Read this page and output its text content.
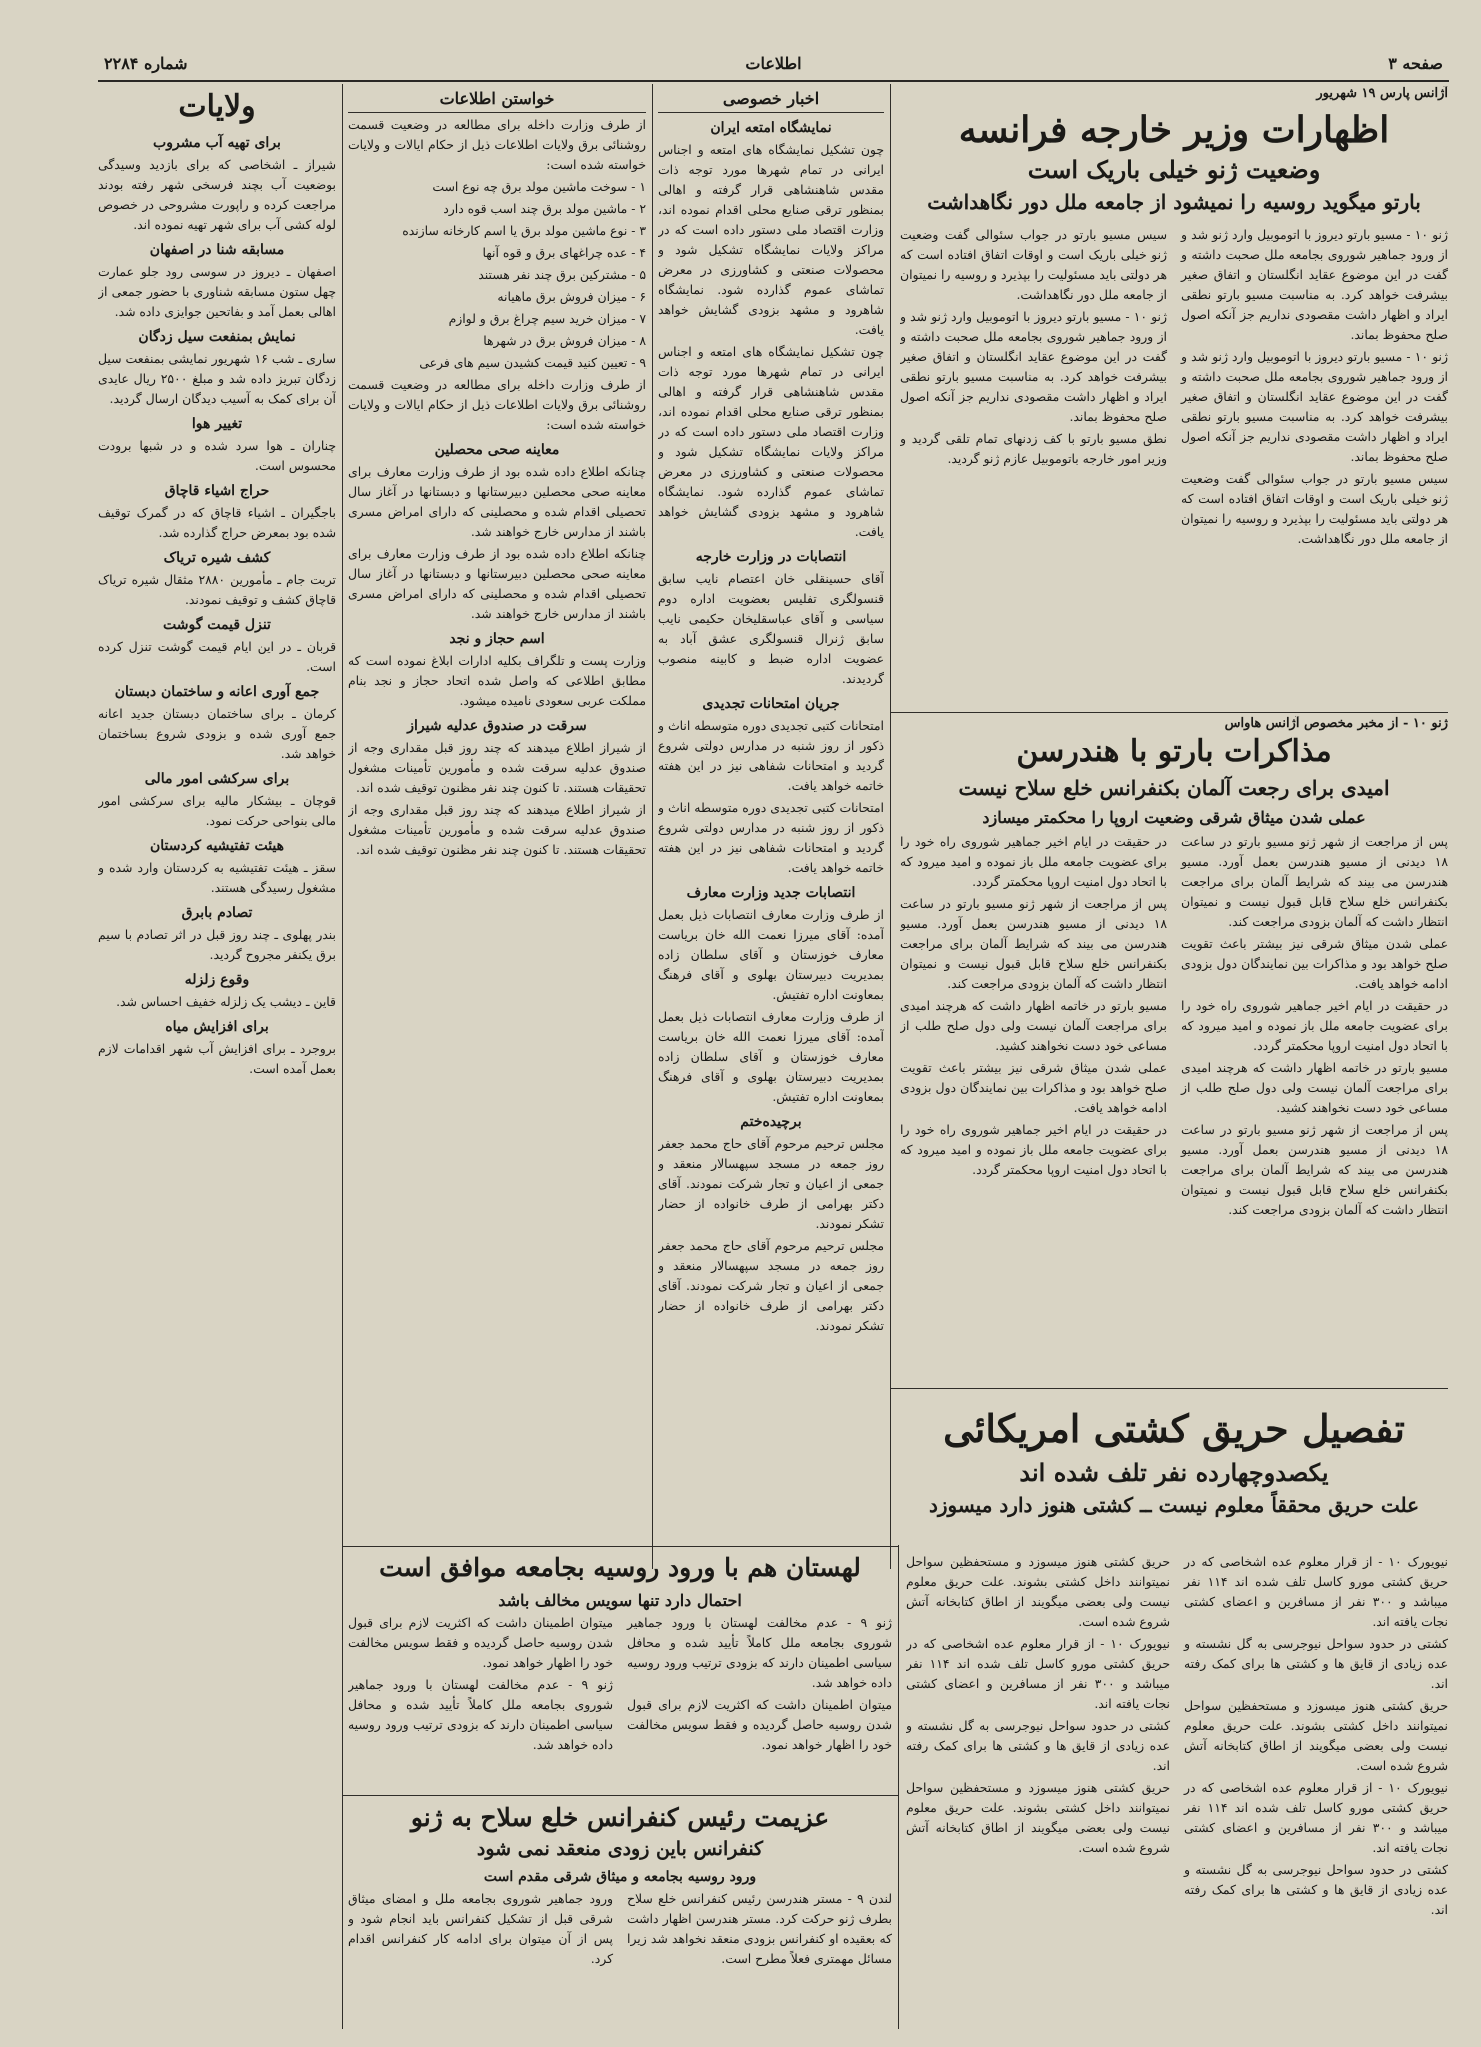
صفحه ۳
اطلاعات
شماره ۲۲۸۴
آژانس پارس ۱۹ شهریور
اظهارات وزیر خارجه فرانسه
وضعیت ژنو خیلی باریک است
بارتو میگوید روسیه را نمیشود از جامعه ملل دور نگاهداشت

ژنو ۱۰ - مسیو بارتو دیروز با اتوموبیل وارد ژنو شد و از ورود جماهیر شوروی بجامعه ملل صحبت داشته و گفت در این موضوع عقاید انگلستان و اتفاق صغیر بیشرفت خواهد کرد. به مناسبت مسیو بارتو نطقی ایراد و اظهار داشت مقصودی نداریم جز آنکه اصول صلح محفوظ بماند.

ژنو ۱۰ - مسیو بارتو دیروز با اتوموبیل وارد ژنو شد و از ورود جماهیر شوروی بجامعه ملل صحبت داشته و گفت در این موضوع عقاید انگلستان و اتفاق صغیر بیشرفت خواهد کرد. به مناسبت مسیو بارتو نطقی ایراد و اظهار داشت مقصودی نداریم جز آنکه اصول صلح محفوظ بماند.

سیس مسیو بارتو در جواب سئوالی گفت وضعیت ژنو خیلی باریک است و اوقات اتفاق افتاده است که هر دولتی باید مسئولیت را بپذیرد و روسیه را نمیتوان از جامعه ملل دور نگاهداشت.

سیس مسیو بارتو در جواب سئوالی گفت وضعیت ژنو خیلی باریک است و اوقات اتفاق افتاده است که هر دولتی باید مسئولیت را بپذیرد و روسیه را نمیتوان از جامعه ملل دور نگاهداشت.

ژنو ۱۰ - مسیو بارتو دیروز با اتوموبیل وارد ژنو شد و از ورود جماهیر شوروی بجامعه ملل صحبت داشته و گفت در این موضوع عقاید انگلستان و اتفاق صغیر بیشرفت خواهد کرد. به مناسبت مسیو بارتو نطقی ایراد و اظهار داشت مقصودی نداریم جز آنکه اصول صلح محفوظ بماند.

نطق مسیو بارتو با کف زدنهای تمام تلقی گردید و وزیر امور خارجه باتوموبیل عازم ژنو گردید.

ژنو ۱۰ - از مخبر مخصوص آژانس هاواس
مذاکرات بارتو با هندرسن
امیدی برای رجعت آلمان بکنفرانس خلع سلاح نیست
عملی شدن میثاق شرقی وضعیت اروپا را محکمتر میسازد

پس از مراجعت از شهر ژنو مسیو بارتو در ساعت ۱۸ دیدنی از مسیو هندرسن بعمل آورد. مسیو هندرسن می بیند که شرایط آلمان برای مراجعت بکنفرانس خلع سلاح قابل قبول نیست و نمیتوان انتظار داشت که آلمان بزودی مراجعت کند.

عملی شدن میثاق شرقی نیز بیشتر باعث تقویت صلح خواهد بود و مذاکرات بین نمایندگان دول بزودی ادامه خواهد یافت.

در حقیقت در ایام اخیر جماهیر شوروی راه خود را برای عضویت جامعه ملل باز نموده و امید میرود که با اتحاد دول امنیت اروپا محکمتر گردد.

مسیو بارتو در خاتمه اظهار داشت که هرچند امیدی برای مراجعت آلمان نیست ولی دول صلح طلب از مساعی خود دست نخواهند کشید.

پس از مراجعت از شهر ژنو مسیو بارتو در ساعت ۱۸ دیدنی از مسیو هندرسن بعمل آورد. مسیو هندرسن می بیند که شرایط آلمان برای مراجعت بکنفرانس خلع سلاح قابل قبول نیست و نمیتوان انتظار داشت که آلمان بزودی مراجعت کند.

در حقیقت در ایام اخیر جماهیر شوروی راه خود را برای عضویت جامعه ملل باز نموده و امید میرود که با اتحاد دول امنیت اروپا محکمتر گردد.

پس از مراجعت از شهر ژنو مسیو بارتو در ساعت ۱۸ دیدنی از مسیو هندرسن بعمل آورد. مسیو هندرسن می بیند که شرایط آلمان برای مراجعت بکنفرانس خلع سلاح قابل قبول نیست و نمیتوان انتظار داشت که آلمان بزودی مراجعت کند.

مسیو بارتو در خاتمه اظهار داشت که هرچند امیدی برای مراجعت آلمان نیست ولی دول صلح طلب از مساعی خود دست نخواهند کشید.

عملی شدن میثاق شرقی نیز بیشتر باعث تقویت صلح خواهد بود و مذاکرات بین نمایندگان دول بزودی ادامه خواهد یافت.

در حقیقت در ایام اخیر جماهیر شوروی راه خود را برای عضویت جامعه ملل باز نموده و امید میرود که با اتحاد دول امنیت اروپا محکمتر گردد.

تفصیل حریق کشتی امریکائی
یکصدوچهارده نفر تلف شده اند
علت حریق محققاً معلوم نیست ــ کشتی هنوز دارد میسوزد

نیویورک ۱۰ - از قرار معلوم عده اشخاصی که در حریق کشتی مورو کاسل تلف شده اند ۱۱۴ نفر میباشد و ۳۰۰ نفر از مسافرین و اعضای کشتی نجات یافته اند.

کشتی در حدود سواحل نیوجرسی به گل نشسته و عده زیادی از قایق ها و کشتی ها برای کمک رفته اند.

حریق کشتی هنوز میسوزد و مستحفظین سواحل نمیتوانند داخل کشتی بشوند. علت حریق معلوم نیست ولی بعضی میگویند از اطاق کتابخانه آتش شروع شده است.

نیویورک ۱۰ - از قرار معلوم عده اشخاصی که در حریق کشتی مورو کاسل تلف شده اند ۱۱۴ نفر میباشد و ۳۰۰ نفر از مسافرین و اعضای کشتی نجات یافته اند.

کشتی در حدود سواحل نیوجرسی به گل نشسته و عده زیادی از قایق ها و کشتی ها برای کمک رفته اند.

حریق کشتی هنوز میسوزد و مستحفظین سواحل نمیتوانند داخل کشتی بشوند. علت حریق معلوم نیست ولی بعضی میگویند از اطاق کتابخانه آتش شروع شده است.

نیویورک ۱۰ - از قرار معلوم عده اشخاصی که در حریق کشتی مورو کاسل تلف شده اند ۱۱۴ نفر میباشد و ۳۰۰ نفر از مسافرین و اعضای کشتی نجات یافته اند.

کشتی در حدود سواحل نیوجرسی به گل نشسته و عده زیادی از قایق ها و کشتی ها برای کمک رفته اند.

حریق کشتی هنوز میسوزد و مستحفظین سواحل نمیتوانند داخل کشتی بشوند. علت حریق معلوم نیست ولی بعضی میگویند از اطاق کتابخانه آتش شروع شده است.

اخبار خصوصی
نمایشگاه امتعه ایران

چون تشکیل نمایشگاه های امتعه و اجناس ایرانی در تمام شهرها مورد توجه ذات مقدس شاهنشاهی قرار گرفته و اهالی بمنظور ترقی صنایع محلی اقدام نموده اند، وزارت اقتصاد ملی دستور داده است که در مراکز ولایات نمایشگاه تشکیل شود و محصولات صنعتی و کشاورزی در معرض تماشای عموم گذارده شود. نمایشگاه شاهرود و مشهد بزودی گشایش خواهد یافت.

چون تشکیل نمایشگاه های امتعه و اجناس ایرانی در تمام شهرها مورد توجه ذات مقدس شاهنشاهی قرار گرفته و اهالی بمنظور ترقی صنایع محلی اقدام نموده اند، وزارت اقتصاد ملی دستور داده است که در مراکز ولایات نمایشگاه تشکیل شود و محصولات صنعتی و کشاورزی در معرض تماشای عموم گذارده شود. نمایشگاه شاهرود و مشهد بزودی گشایش خواهد یافت.

انتصابات در وزارت خارجه

آقای حسینقلی خان اعتصام نایب سابق قنسولگری تفلیس بعضویت اداره دوم سیاسی و آقای عباسقلیخان حکیمی نایب سابق ژنرال قنسولگری عشق آباد به عضویت اداره ضبط و کابینه منصوب گردیدند.

جریان امتحانات تجدیدی

امتحانات کتبی تجدیدی دوره متوسطه اناث و ذکور از روز شنبه در مدارس دولتی شروع گردید و امتحانات شفاهی نیز در این هفته خاتمه خواهد یافت.

امتحانات کتبی تجدیدی دوره متوسطه اناث و ذکور از روز شنبه در مدارس دولتی شروع گردید و امتحانات شفاهی نیز در این هفته خاتمه خواهد یافت.

انتصابات جدید وزارت معارف

از طرف وزارت معارف انتصابات ذیل بعمل آمده: آقای میرزا نعمت الله خان بریاست معارف خوزستان و آقای سلطان زاده بمدیریت دبیرستان بهلوی و آقای فرهنگ بمعاونت اداره تفتیش.

از طرف وزارت معارف انتصابات ذیل بعمل آمده: آقای میرزا نعمت الله خان بریاست معارف خوزستان و آقای سلطان زاده بمدیریت دبیرستان بهلوی و آقای فرهنگ بمعاونت اداره تفتیش.

برچیده‌ختم

مجلس ترحیم مرحوم آقای حاج محمد جعفر روز جمعه در مسجد سپهسالار منعقد و جمعی از اعیان و تجار شرکت نمودند. آقای دکتر بهرامی از طرف خانواده از حضار تشکر نمودند.

مجلس ترحیم مرحوم آقای حاج محمد جعفر روز جمعه در مسجد سپهسالار منعقد و جمعی از اعیان و تجار شرکت نمودند. آقای دکتر بهرامی از طرف خانواده از حضار تشکر نمودند.

خواستن اطلاعات

از طرف وزارت داخله برای مطالعه در وضعیت قسمت روشنائی برق ولایات اطلاعات ذیل از حکام ایالات و ولایات خواسته شده است:

۱ - سوخت ماشین مولد برق چه نوع است

۲ - ماشین مولد برق چند اسب قوه دارد

۳ - نوع ماشین مولد برق یا اسم کارخانه سازنده

۴ - عده چراغهای برق و قوه آنها

۵ - مشترکین برق چند نفر هستند

۶ - میزان فروش برق ماهیانه

۷ - میزان خرید سیم چراغ برق و لوازم

۸ - میزان فروش برق در شهرها

۹ - تعیین کنید قیمت کشیدن سیم های فرعی

از طرف وزارت داخله برای مطالعه در وضعیت قسمت روشنائی برق ولایات اطلاعات ذیل از حکام ایالات و ولایات خواسته شده است:

معاینه صحی محصلین

چنانکه اطلاع داده شده بود از طرف وزارت معارف برای معاینه صحی محصلین دبیرستانها و دبستانها در آغاز سال تحصیلی اقدام شده و محصلینی که دارای امراض مسری باشند از مدارس خارج خواهند شد.

چنانکه اطلاع داده شده بود از طرف وزارت معارف برای معاینه صحی محصلین دبیرستانها و دبستانها در آغاز سال تحصیلی اقدام شده و محصلینی که دارای امراض مسری باشند از مدارس خارج خواهند شد.

اسم حجاز و نجد

وزارت پست و تلگراف بکلیه ادارات ابلاغ نموده است که مطابق اطلاعی که واصل شده اتحاد حجاز و نجد بنام مملکت عربی سعودی نامیده میشود.

سرقت در صندوق عدلیه شیراز

از شیراز اطلاع میدهند که چند روز قبل مقداری وجه از صندوق عدلیه سرقت شده و مأمورین تأمینات مشغول تحقیقات هستند. تا کنون چند نفر مظنون توقیف شده اند.

از شیراز اطلاع میدهند که چند روز قبل مقداری وجه از صندوق عدلیه سرقت شده و مأمورین تأمینات مشغول تحقیقات هستند. تا کنون چند نفر مظنون توقیف شده اند.

ولایات
برای تهیه آب مشروب

شیراز ـ اشخاصی که برای بازدید وسیدگی بوضعیت آب بچند فرسخی شهر رفته بودند مراجعت کرده و راپورت مشروحی در خصوص لوله کشی آب برای شهر تهیه نموده اند.

مسابقه شنا در اصفهان

اصفهان ـ دیروز در سوسی رود جلو عمارت چهل ستون مسابقه شناوری با حضور جمعی از اهالی بعمل آمد و بفاتحین جوایزی داده شد.

نمایش بمنفعت سیل زدگان

ساری ـ شب ۱۶ شهریور نمایشی بمنفعت سیل زدگان تبریز داده شد و مبلغ ۲۵۰۰ ریال عایدی آن برای کمک به آسیب دیدگان ارسال گردید.

تغییر هوا

چناران ـ هوا سرد شده و در شبها برودت محسوس است.

حراج اشیاء قاچاق

باجگیران ـ اشیاء قاچاق که در گمرک توقیف شده بود بمعرض حراج گذارده شد.

کشف شیره تریاک

تربت جام ـ مأمورین ۲۸۸۰ مثقال شیره تریاک قاچاق کشف و توقیف نمودند.

تنزل قیمت گوشت

قربان ـ در این ایام قیمت گوشت تنزل کرده است.

جمع آوری اعانه و ساختمان دبستان

کرمان ـ برای ساختمان دبستان جدید اعانه جمع آوری شده و بزودی شروع بساختمان خواهد شد.

برای سرکشی امور مالی

قوچان ـ بیشکار مالیه برای سرکشی امور مالی بنواحی حرکت نمود.

هیئت تفتیشیه کردستان

سقز ـ هیئت تفتیشیه به کردستان وارد شده و مشغول رسیدگی هستند.

تصادم بابرق

بندر پهلوی ـ چند روز قبل در اثر تصادم با سیم برق یکنفر مجروح گردید.

وقوع زلزله

قاین ـ دیشب یک زلزله خفیف احساس شد.

برای افزایش میاه

بروجرد ـ برای افزایش آب شهر اقدامات لازم بعمل آمده است.

لهستان هم با ورود روسیه بجامعه موافق است
احتمال دارد تنها سویس مخالف باشد

ژنو ۹ - عدم مخالفت لهستان با ورود جماهیر شوروی بجامعه ملل کاملاً تأیید شده و محافل سیاسی اطمینان دارند که بزودی ترتیب ورود روسیه داده خواهد شد.

میتوان اطمینان داشت که اکثریت لازم برای قبول شدن روسیه حاصل گردیده و فقط سویس مخالفت خود را اظهار خواهد نمود.

میتوان اطمینان داشت که اکثریت لازم برای قبول شدن روسیه حاصل گردیده و فقط سویس مخالفت خود را اظهار خواهد نمود.

ژنو ۹ - عدم مخالفت لهستان با ورود جماهیر شوروی بجامعه ملل کاملاً تأیید شده و محافل سیاسی اطمینان دارند که بزودی ترتیب ورود روسیه داده خواهد شد.

عزیمت رئیس کنفرانس خلع سلاح به ژنو
کنفرانس باین زودی منعقد نمی شود
ورود روسیه بجامعه و میثاق شرقی مقدم است

لندن ۹ - مستر هندرسن رئیس کنفرانس خلع سلاح بطرف ژنو حرکت کرد. مستر هندرسن اظهار داشت که بعقیده او کنفرانس بزودی منعقد نخواهد شد زیرا مسائل مهمتری فعلاً مطرح است.

ورود جماهیر شوروی بجامعه ملل و امضای میثاق شرقی قبل از تشکیل کنفرانس باید انجام شود و پس از آن میتوان برای ادامه کار کنفرانس اقدام کرد.
